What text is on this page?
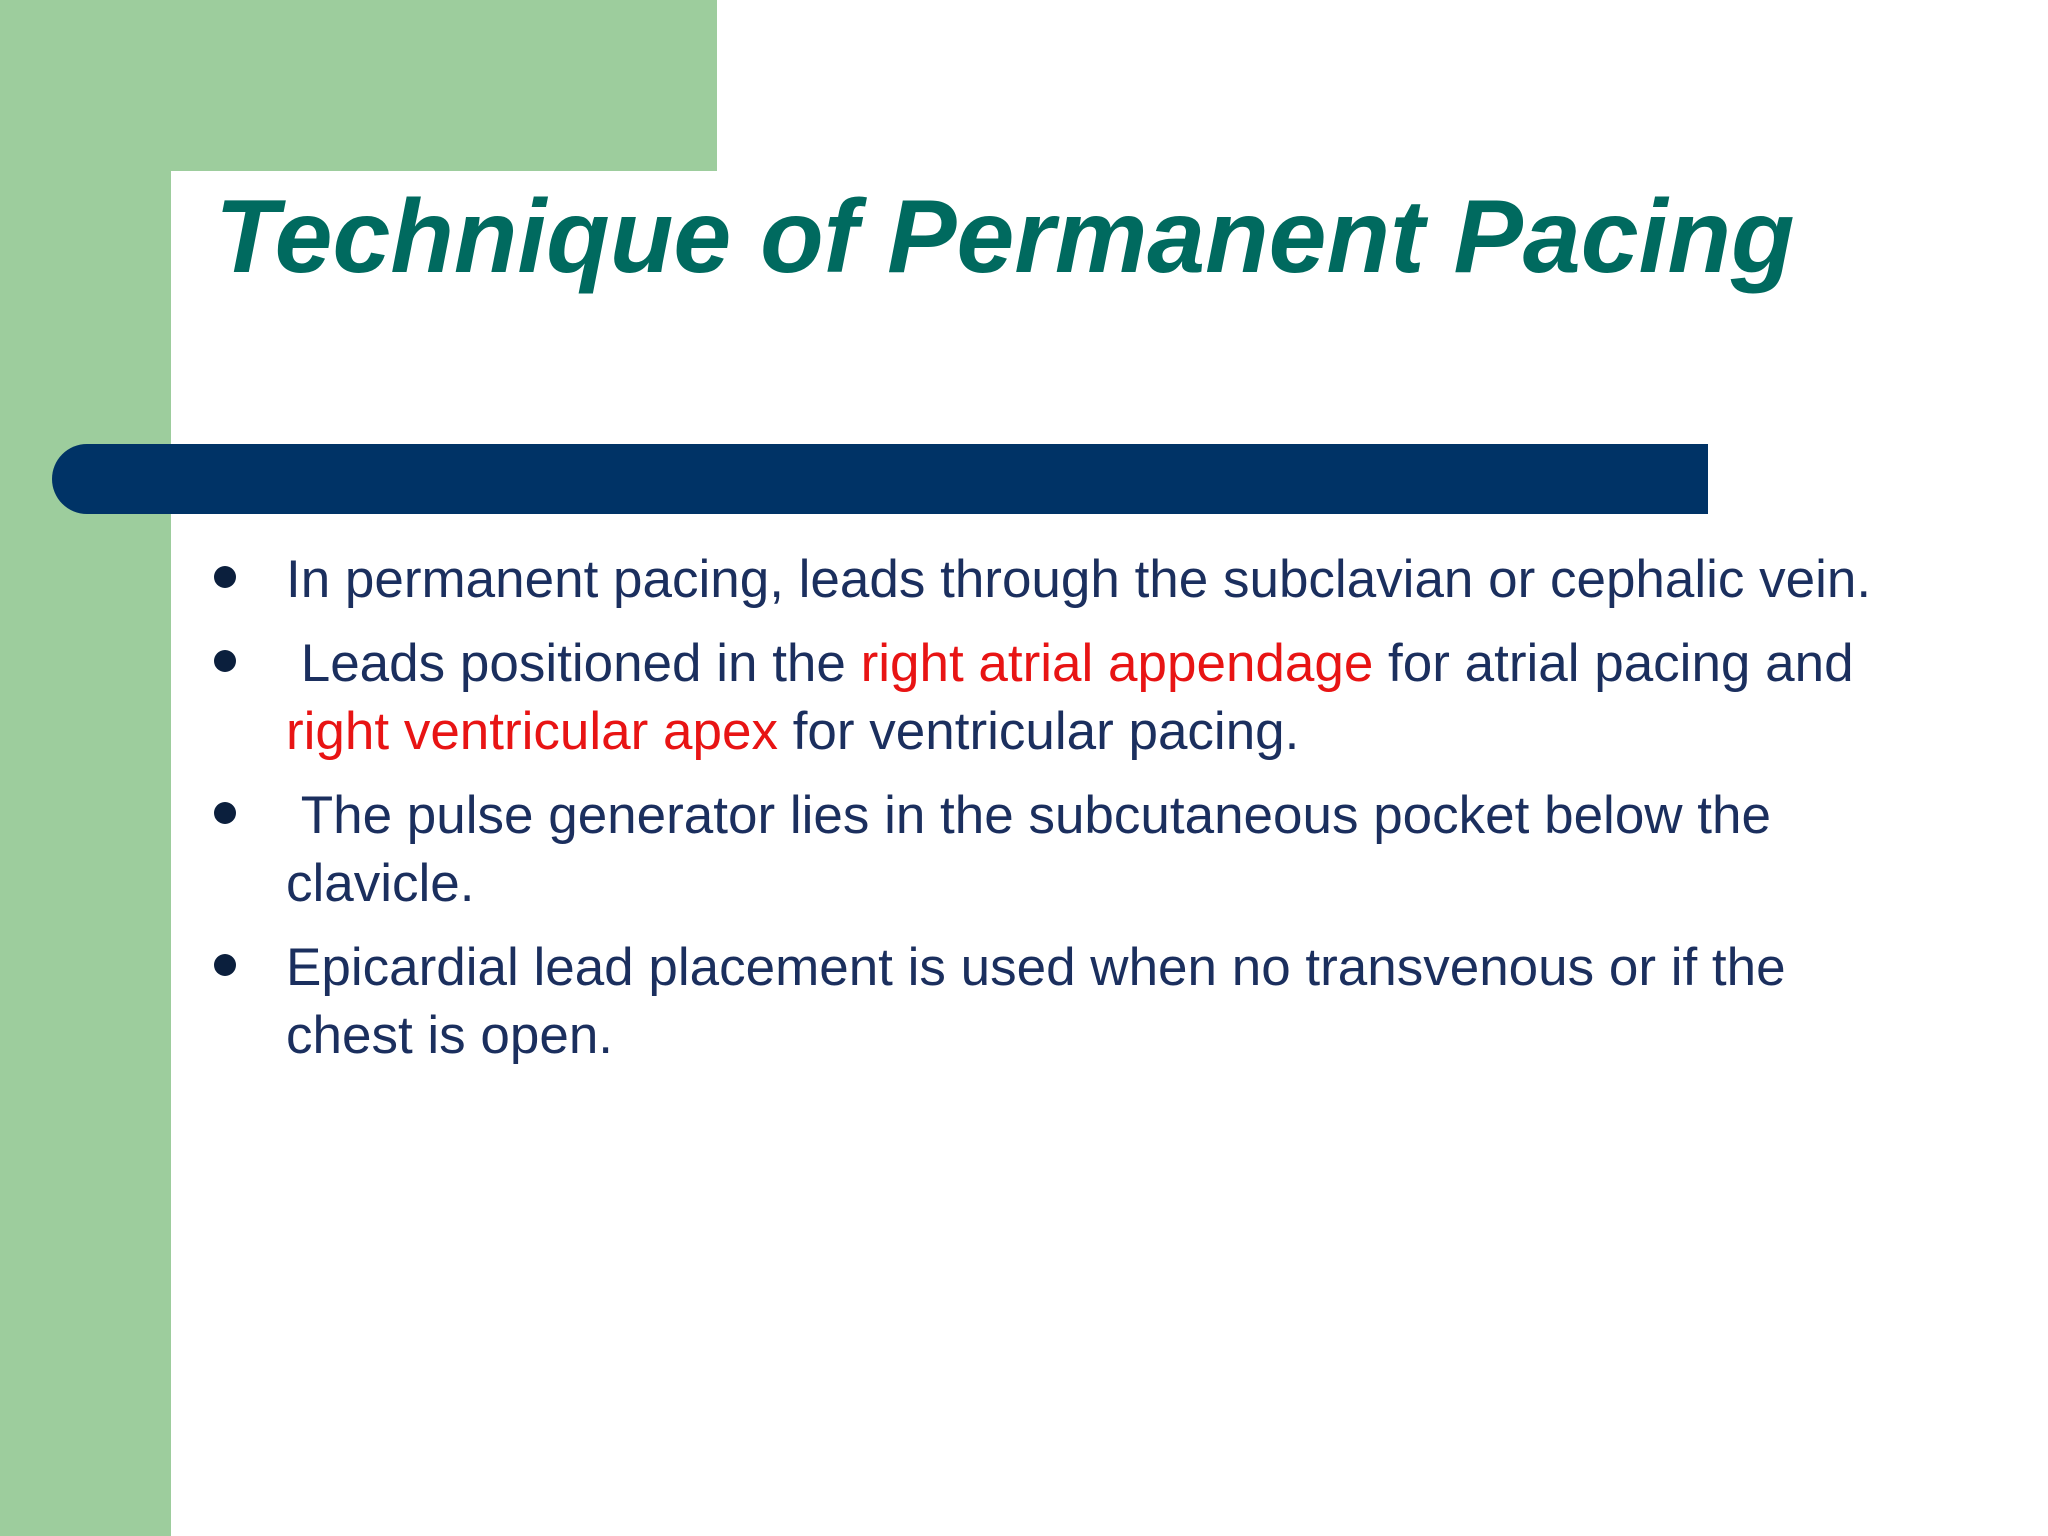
Technique of Permanent Pacing
In permanent pacing, leads through the subclavian or cephalic vein.
Leads positioned in the right atrial appendage for atrial pacing and right ventricular apex for ventricular pacing.
The pulse generator lies in the subcutaneous pocket below the clavicle.
Epicardial lead placement is used when no transvenous or if the chest is open.
